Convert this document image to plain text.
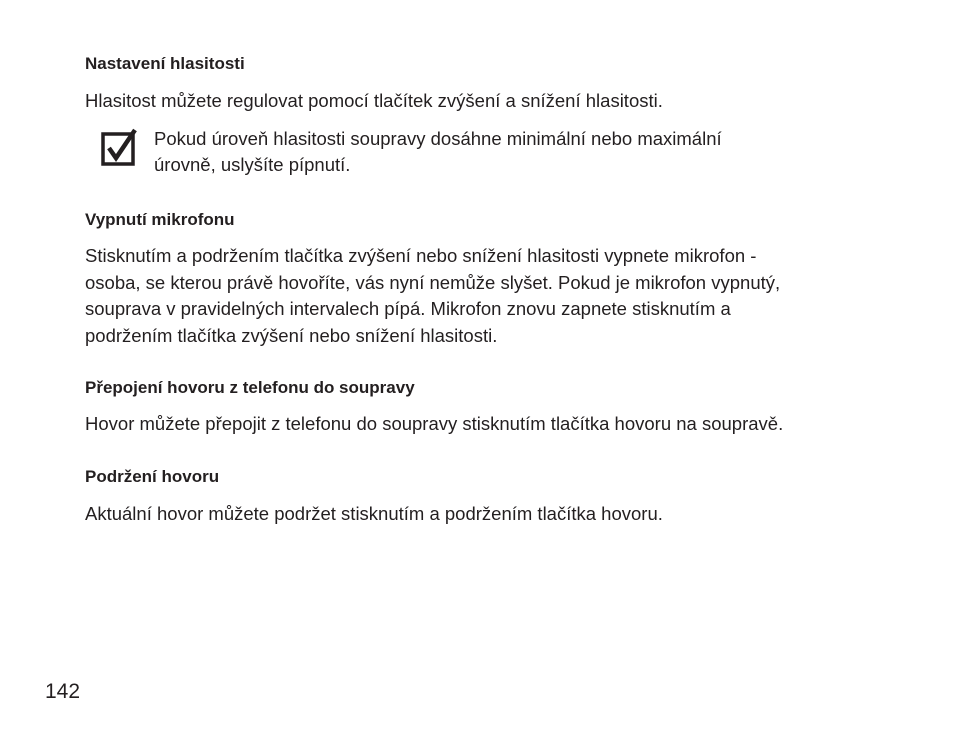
Nastavení hlasitosti

Hlasitost můžete regulovat pomocí tlačítek zvýšení a snížení hlasitosti.

Pokud úroveň hlasitosti soupravy dosáhne minimální nebo maximální
úrovně, uslyšíte pípnutí.
Vypnutí mikrofonu

Stisknutím a podržením tlačítka zvýšení nebo snížení hlasitosti vypnete mikrofon -
osoba, se kterou právě hovoříte, vás nyní nemůže slyšet. Pokud je mikrofon vypnutý,
souprava v pravidelných intervalech pípá. Mikrofon znovu zapnete stisknutím a
podržením tlačítka zvýšení nebo snížení hlasitosti.

Přepojení hovoru z telefonu do soupravy

Hovor můžete přepojit z telefonu do soupravy stisknutím tlačítka hovoru na soupravě.

Podržení hovoru

Aktuální hovor můžete podržet stisknutím a podržením tlačítka hovoru.

142
